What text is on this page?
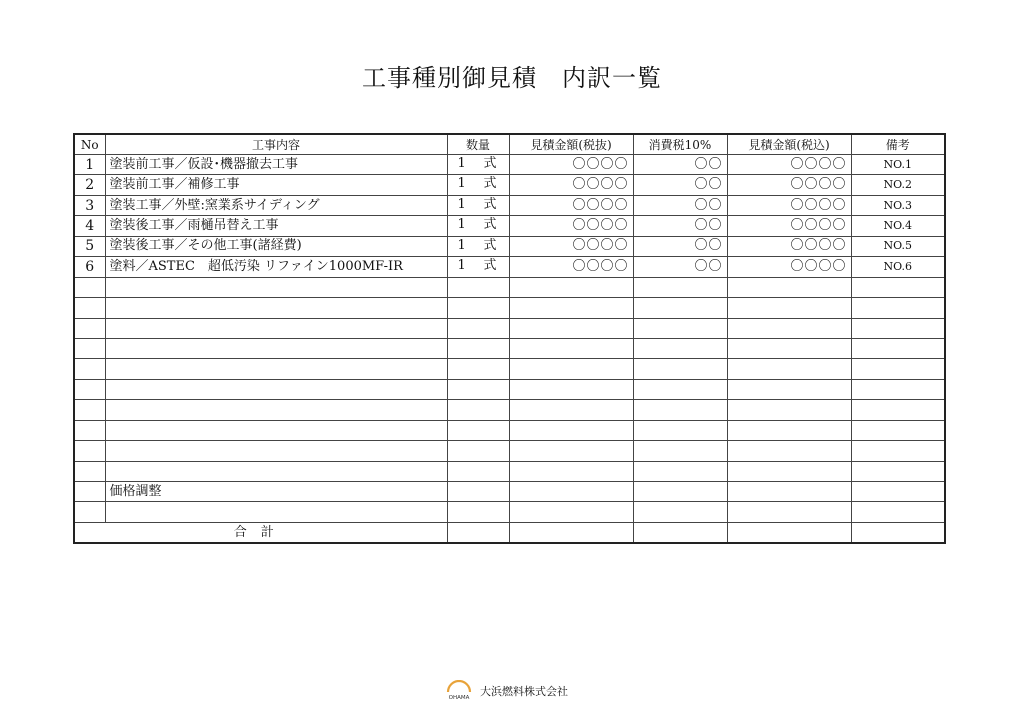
工事種別御見積　内訳一覧
No	工事内容	数量	見積金額(税抜)	消費税10%	見積金額(税込)	備考
1	塗装前工事／仮設･機器撤去工事	1 式	〇〇〇〇	〇〇	〇〇〇〇	NO.1
2	塗装前工事／補修工事	1 式	〇〇〇〇	〇〇	〇〇〇〇	NO.2
3	塗装工事／外壁:窯業系サイディング	1 式	〇〇〇〇	〇〇	〇〇〇〇	NO.3
4	塗装後工事／雨樋吊替え工事	1 式	〇〇〇〇	〇〇	〇〇〇〇	NO.4
5	塗装後工事／その他工事(諸経費)	1 式	〇〇〇〇	〇〇	〇〇〇〇	NO.5
6	塗料／ASTEC　超低汚染 リファイン1000MF-IR	1 式	〇〇〇〇	〇〇	〇〇〇〇	NO.6

	価格調整					

合計						
OHAMA 大浜燃料株式会社
